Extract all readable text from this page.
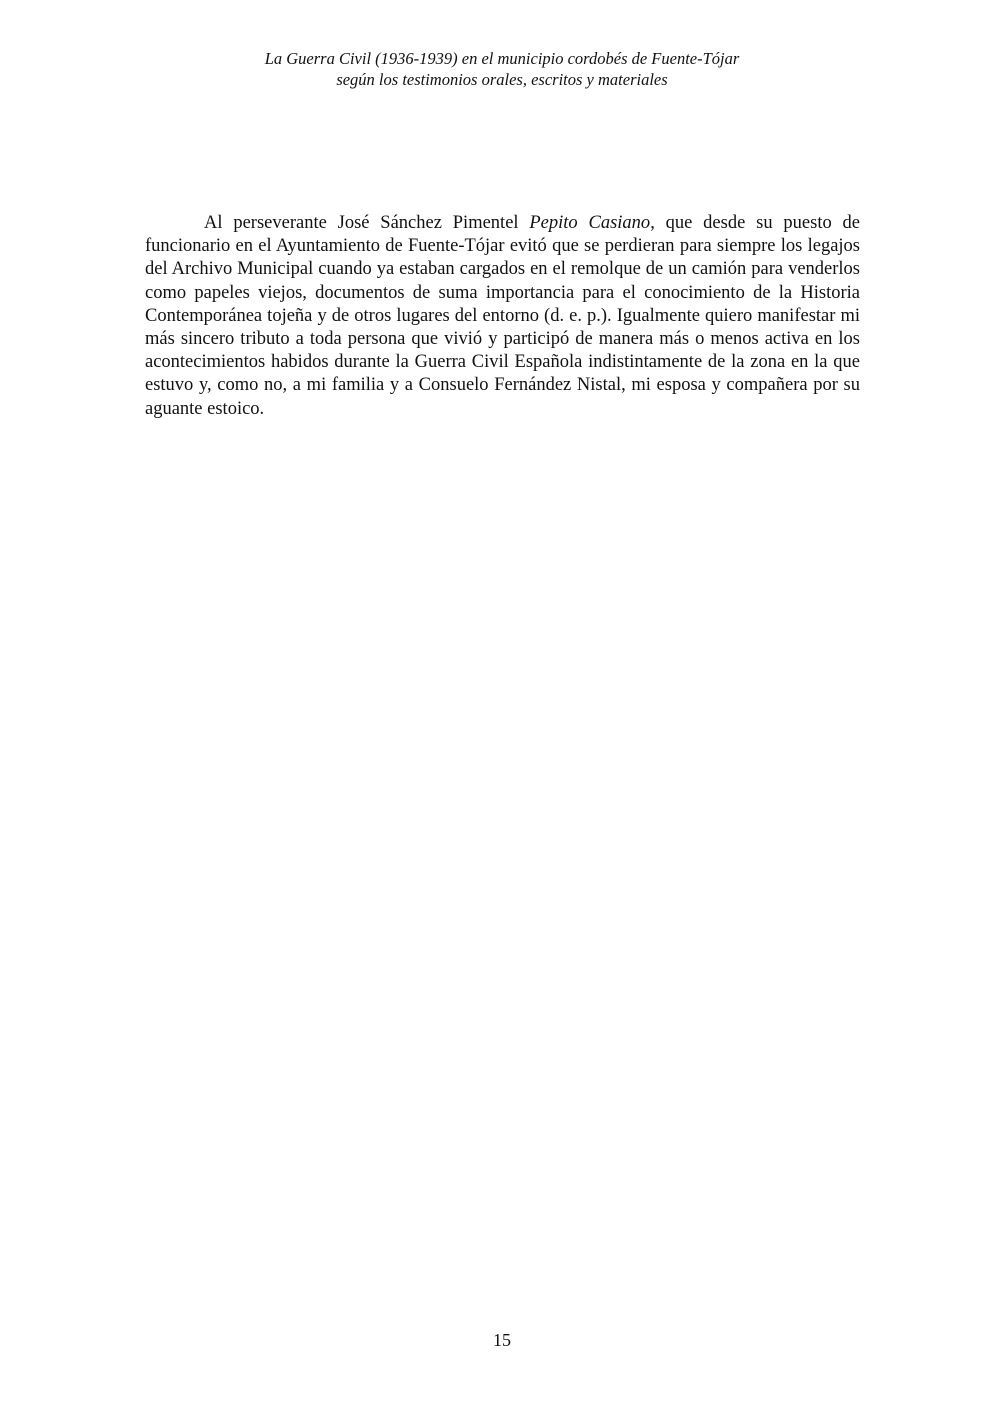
La Guerra Civil (1936-1939) en el municipio cordobés de Fuente-Tójar
según los testimonios orales, escritos y materiales

Al perseverante José Sánchez Pimentel Pepito Casiano, que desde su puesto de funcionario en el Ayuntamiento de Fuente-Tójar evitó que se perdieran para siempre los legajos del Archivo Municipal cuando ya estaban cargados en el remolque de un camión para venderlos como papeles viejos, documentos de suma importancia para el conocimiento de la Historia Contemporánea tojeña y de otros lugares del entorno (d. e. p.). Igualmente quiero manifestar mi más sincero tributo a toda persona que vivió y participó de manera más o menos activa en los acontecimientos habidos durante la Guerra Civil Española indistintamente de la zona en la que estuvo y, como no, a mi familia y a Consuelo Fernández Nistal, mi esposa y compañera por su aguante estoico.

15
